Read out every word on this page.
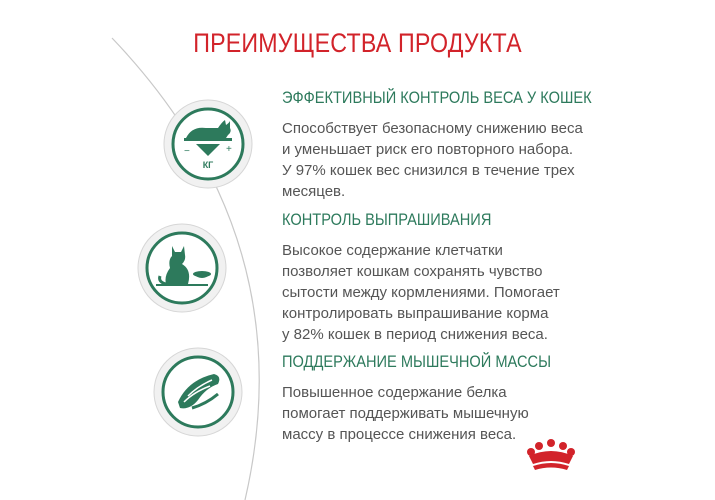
ПРЕИМУЩЕСТВА ПРОДУКТА
−	+
КГ
ЭФФЕКТИВНЫЙ КОНТРОЛЬ ВЕСА У КОШЕК

Способствует безопасному снижению веса
и уменьшает риск его повторного набора.
У 97% кошек вес снизился в течение трех
месяцев.

КОНТРОЛЬ ВЫПРАШИВАНИЯ

Высокое содержание клетчатки
позволяет кошкам сохранять чувство
сытости между кормлениями. Помогает
контролировать выпрашивание корма
у 82% кошек в период снижения веса.

ПОДДЕРЖАНИЕ МЫШЕЧНОЙ МАССЫ

Повышенное содержание белка
помогает поддерживать мышечную
массу в процессе снижения веса.
